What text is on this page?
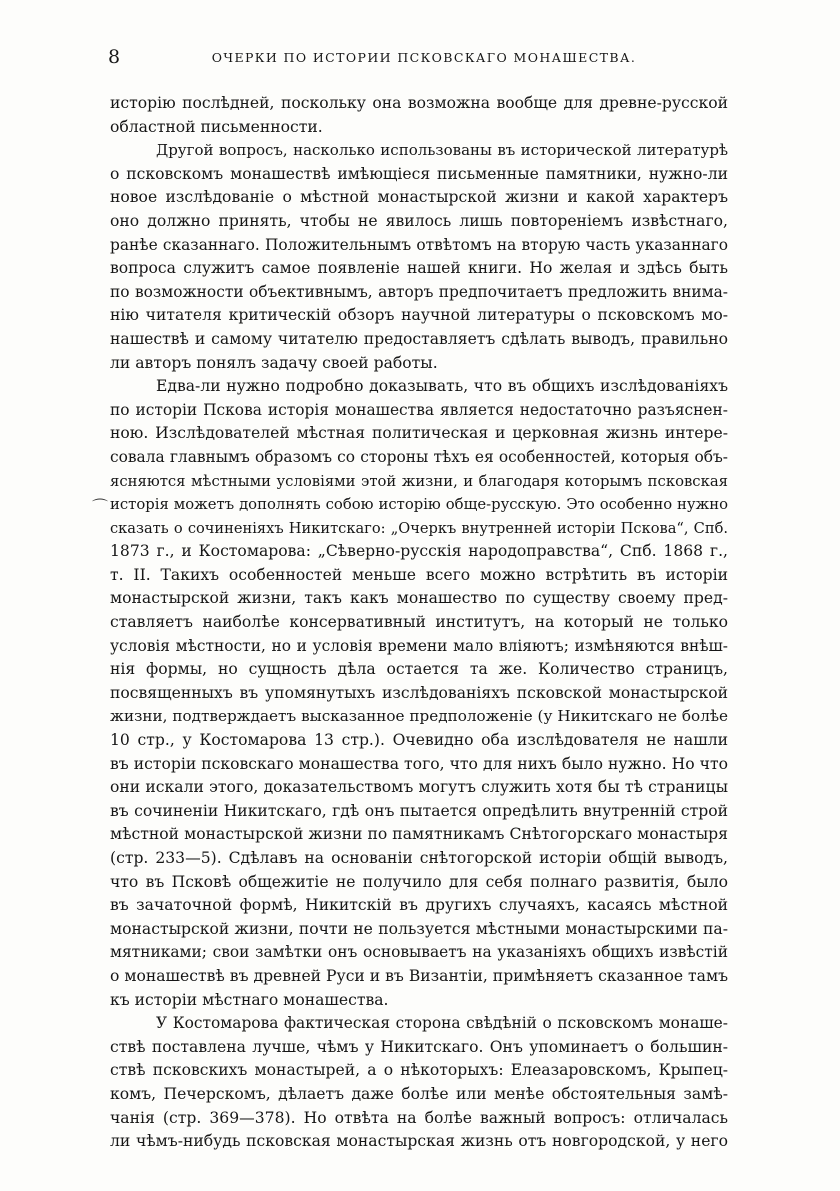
8	ОЧЕРКИ ПО ИСТОРИИ ПСКОВСКАГО МОНАШЕСТВА.
⌒
исторію послѣдней, поскольку она возможна вообще для древне-русской
областной письменности.
Другой вопросъ, насколько использованы въ исторической литературѣ
о псковскомъ монашествѣ имѣющіеся письменные памятники, нужно-ли
новое изслѣдованіе о мѣстной монастырской жизни и какой характеръ
оно должно принять, чтобы не явилось лишь повтореніемъ извѣстнаго,
ранѣе сказаннаго. Положительнымъ отвѣтомъ на вторую часть указаннаго
вопроса служитъ самое появленіе нашей книги. Но желая и здѣсь быть
по возможности объективнымъ, авторъ предпочитаетъ предложить внима-
нію читателя критическій обзоръ научной литературы о псковскомъ мо-
нашествѣ и самому читателю предоставляетъ сдѣлать выводъ, правильно
ли авторъ понялъ задачу своей работы.
Едва-ли нужно подробно доказывать, что въ общихъ изслѣдованіяхъ
по исторіи Пскова исторія монашества является недостаточно разъяснен-
ною. Изслѣдователей мѣстная политическая и церковная жизнь интере-
совала главнымъ образомъ со стороны тѣхъ ея особенностей, которыя объ-
ясняются мѣстными условіями этой жизни, и благодаря которымъ псковская
исторія можетъ дополнять собою исторію обще-русскую. Это особенно нужно
сказать о сочиненіяхъ Никитскаго: „Очеркъ внутренней исторіи Пскова“, Спб.
1873 г., и Костомарова: „Сѣверно-русскія народоправства“, Спб. 1868 г.,
т. II. Такихъ особенностей меньше всего можно встрѣтить въ исторіи
монастырской жизни, такъ какъ монашество по существу своему пред-
ставляетъ наиболѣе консервативный институтъ, на который не только
условія мѣстности, но и условія времени мало вліяютъ; измѣняются внѣш-
нія формы, но сущность дѣла остается та же. Количество страницъ,
посвященныхъ въ упомянутыхъ изслѣдованіяхъ псковской монастырской
жизни, подтверждаетъ высказанное предположеніе (у Никитскаго не болѣе
10 стр., у Костомарова 13 стр.). Очевидно оба изслѣдователя не нашли
въ исторіи псковскаго монашества того, что для нихъ было нужно. Но что
они искали этого, доказательствомъ могутъ служить хотя бы тѣ страницы
въ сочиненіи Никитскаго, гдѣ онъ пытается опредѣлить внутренній строй
мѣстной монастырской жизни по памятникамъ Снѣтогорскаго монастыря
(стр. 233—5). Сдѣлавъ на основаніи снѣтогорской исторіи общій выводъ,
что въ Псковѣ общежитіе не получило для себя полнаго развитія, было
въ зачаточной формѣ, Никитскій въ другихъ случаяхъ, касаясь мѣстной
монастырской жизни, почти не пользуется мѣстными монастырскими па-
мятниками; свои замѣтки онъ основываетъ на указаніяхъ общихъ извѣстій
о монашествѣ въ древней Руси и въ Византіи, примѣняетъ сказанное тамъ
къ исторіи мѣстнаго монашества.
У Костомарова фактическая сторона свѣдѣній о псковскомъ монаше-
ствѣ поставлена лучше, чѣмъ у Никитскаго. Онъ упоминаетъ о большин-
ствѣ псковскихъ монастырей, а о нѣкоторыхъ: Елеазаровскомъ, Крыпец-
комъ, Печерскомъ, дѣлаетъ даже болѣе или менѣе обстоятельныя замѣ-
чанія (стр. 369—378). Но отвѣта на болѣе важный вопросъ: отличалась
ли чѣмъ-нибудь псковская монастырская жизнь отъ новгородской, у него
